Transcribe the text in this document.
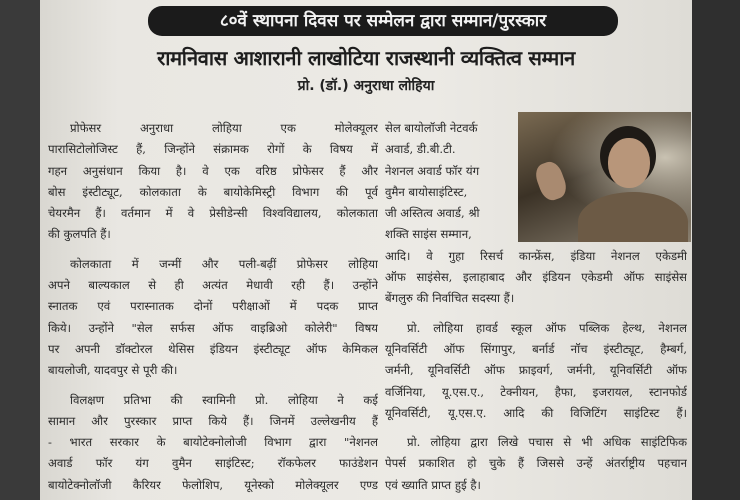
८०वें स्थापना दिवस पर सम्मेलन द्वारा सम्मान/पुरस्कार
रामनिवास आशारानी लाखोटिया राजस्थानी व्यक्तित्व सम्मान
प्रो. (डॉ.) अनुराधा लोहिया
प्रोफेसर अनुराधा लोहिया एक मोलेक्यूलर
पारासिटोलोजिस्ट हैं, जिन्होंने संक्रामक रोगों के विषय में
गहन अनुसंधान किया है। वे एक वरिष्ठ प्रोफेसर हैं और
बोस इंस्टीट्यूट, कोलकाता के बायोकेमिस्ट्री विभाग की पूर्व
चेयरमैन हैं। वर्तमान में वे प्रेसीडेन्सी विश्वविद्यालय, कोलकाता
की कुलपति हैं।
कोलकाता में जन्मीं और पली-बढ़ीं प्रोफेसर लोहिया
अपने बाल्यकाल से ही अत्यंत मेधावी रही हैं। उन्होंने
स्नातक एवं परास्नातक दोनों परीक्षाओं में पदक प्राप्त
किये। उन्होंने "सेल सर्फस ऑफ वाइब्रिओ कोलेरी" विषय
पर अपनी डॉक्टोरल थेसिस इंडियन इंस्टीट्यूट ऑफ केमिकल
बायलोजी, यादवपुर से पूरी की।
विलक्षण प्रतिभा की स्वामिनी प्रो. लोहिया ने कई
सामान और पुरस्कार प्राप्त किये हैं। जिनमें उल्लेखनीय हैं
- भारत सरकार के बायोटेक्नोलोजी विभाग द्वारा "नेशनल
अवार्ड फॉर यंग वुमैन साइंटिस्ट; रॉकफेलर फाउंडेशन
बायोटेक्नोलॉजी कैरियर फेलोशिप, यूनेस्को मोलेक्यूलर एण्ड
सेल बायोलॉजी नेटवर्क
अवार्ड, डी.बी.टी.
नेशनल अवार्ड फॉर यंग
वुमैन बायोसाइंटिस्ट,
जी अस्तित्व अवार्ड, श्री
शक्ति साइंस सम्मान,
आदि। वे गुहा रिसर्च कान्फ्रेंस, इंडिया नेशनल एकेडमी
ऑफ साइंसेस, इलाहाबाद और इंडियन एकेडमी ऑफ साइंसेस
बेंगलुरु की निर्वाचित सदस्या हैं।
प्रो. लोहिया हावर्ड स्कूल ऑफ पब्लिक हेल्थ, नेशनल
यूनिवर्सिटी ऑफ सिंगापुर, बर्नार्ड नॉच इंस्टीट्यूट, हैम्बर्ग,
जर्मनी, यूनिवर्सिटी ऑफ फ्राइवर्ग, जर्मनी, यूनिवर्सिटी ऑफ
वर्जिनिया, यू.एस.ए., टेक्नीयन, हैफा, इजरायल, स्टानफोर्ड
यूनिवर्सिटी, यू.एस.ए. आदि की विजिटिंग साइंटिस्ट हैं।
प्रो. लोहिया द्वारा लिखे पचास से भी अधिक साइंटिफिक
पेपर्स प्रकाशित हो चुके हैं जिससे उन्हें अंतर्राष्ट्रीय पहचान
एवं ख्याति प्राप्त हुई है।
